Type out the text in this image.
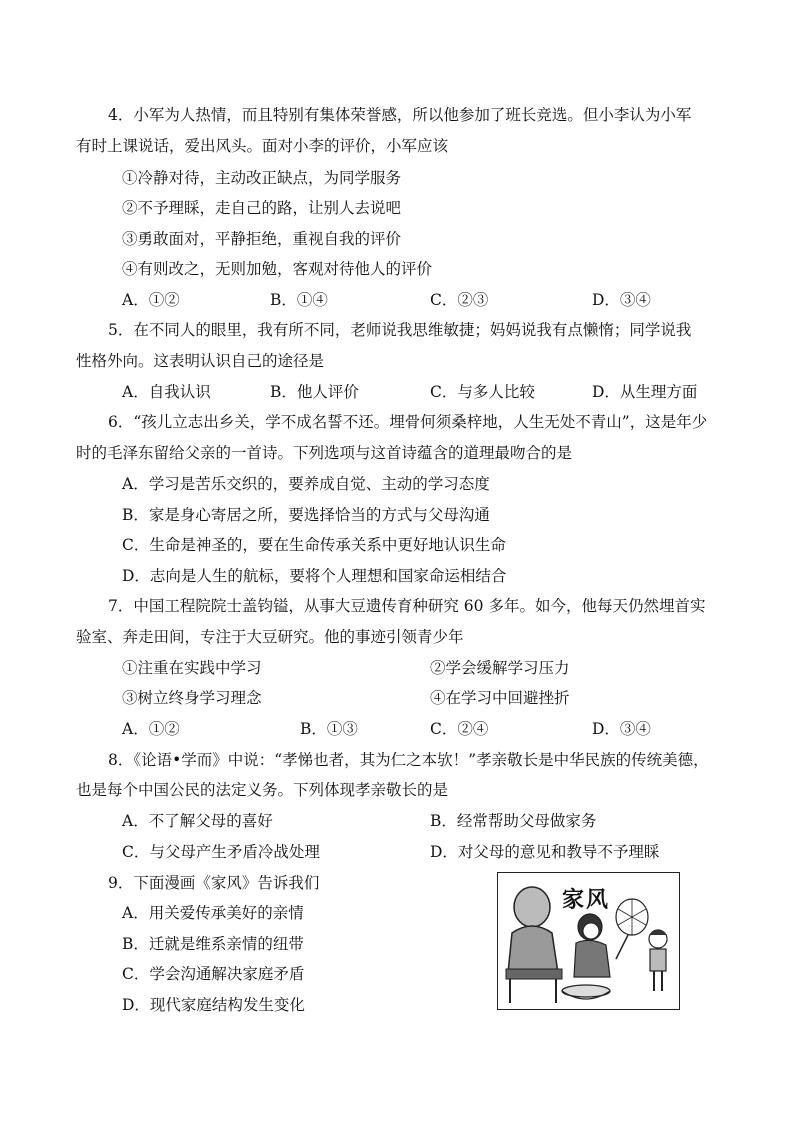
4．小军为人热情，而且特别有集体荣誉感，所以他参加了班长竞选。但小李认为小军
有时上课说话，爱出风头。面对小李的评价，小军应该
①冷静对待，主动改正缺点，为同学服务
②不予理睬，走自己的路，让别人去说吧
③勇敢面对，平静拒绝，重视自我的评价
④有则改之，无则加勉，客观对待他人的评价
A．①②	B．①④	C．②③	D．③④
5．在不同人的眼里，我有所不同，老师说我思维敏捷；妈妈说我有点懒惰；同学说我
性格外向。这表明认识自己的途径是
A．自我认识	B．他人评价	C．与多人比较	D．从生理方面
6．“孩儿立志出乡关，学不成名誓不还。埋骨何须桑梓地，人生无处不青山”，这是年少
时的毛泽东留给父亲的一首诗。下列选项与这首诗蕴含的道理最吻合的是
A．学习是苦乐交织的，要养成自觉、主动的学习态度
B．家是身心寄居之所，要选择恰当的方式与父母沟通
C．生命是神圣的，要在生命传承关系中更好地认识生命
D．志向是人生的航标，要将个人理想和国家命运相结合
7．中国工程院院士盖钧镒，从事大豆遗传育种研究 60 多年。如今，他每天仍然埋首实
验室、奔走田间，专注于大豆研究。他的事迹引领青少年
①注重在实践中学习	②学会缓解学习压力
③树立终身学习理念	④在学习中回避挫折
A．①②	B．①③	C．②④	D．③④
8．《论语•学而》中说：“孝悌也者，其为仁之本欤！”孝亲敬长是中华民族的传统美德，
也是每个中国公民的法定义务。下列体现孝亲敬长的是
A．不了解父母的喜好	B．经常帮助父母做家务
C．与父母产生矛盾冷战处理	D．对父母的意见和教导不予理睬
9．下面漫画《家风》告诉我们
A．用关爱传承美好的亲情
B．迁就是维系亲情的纽带
C．学会沟通解决家庭矛盾
D．现代家庭结构发生变化
家风
